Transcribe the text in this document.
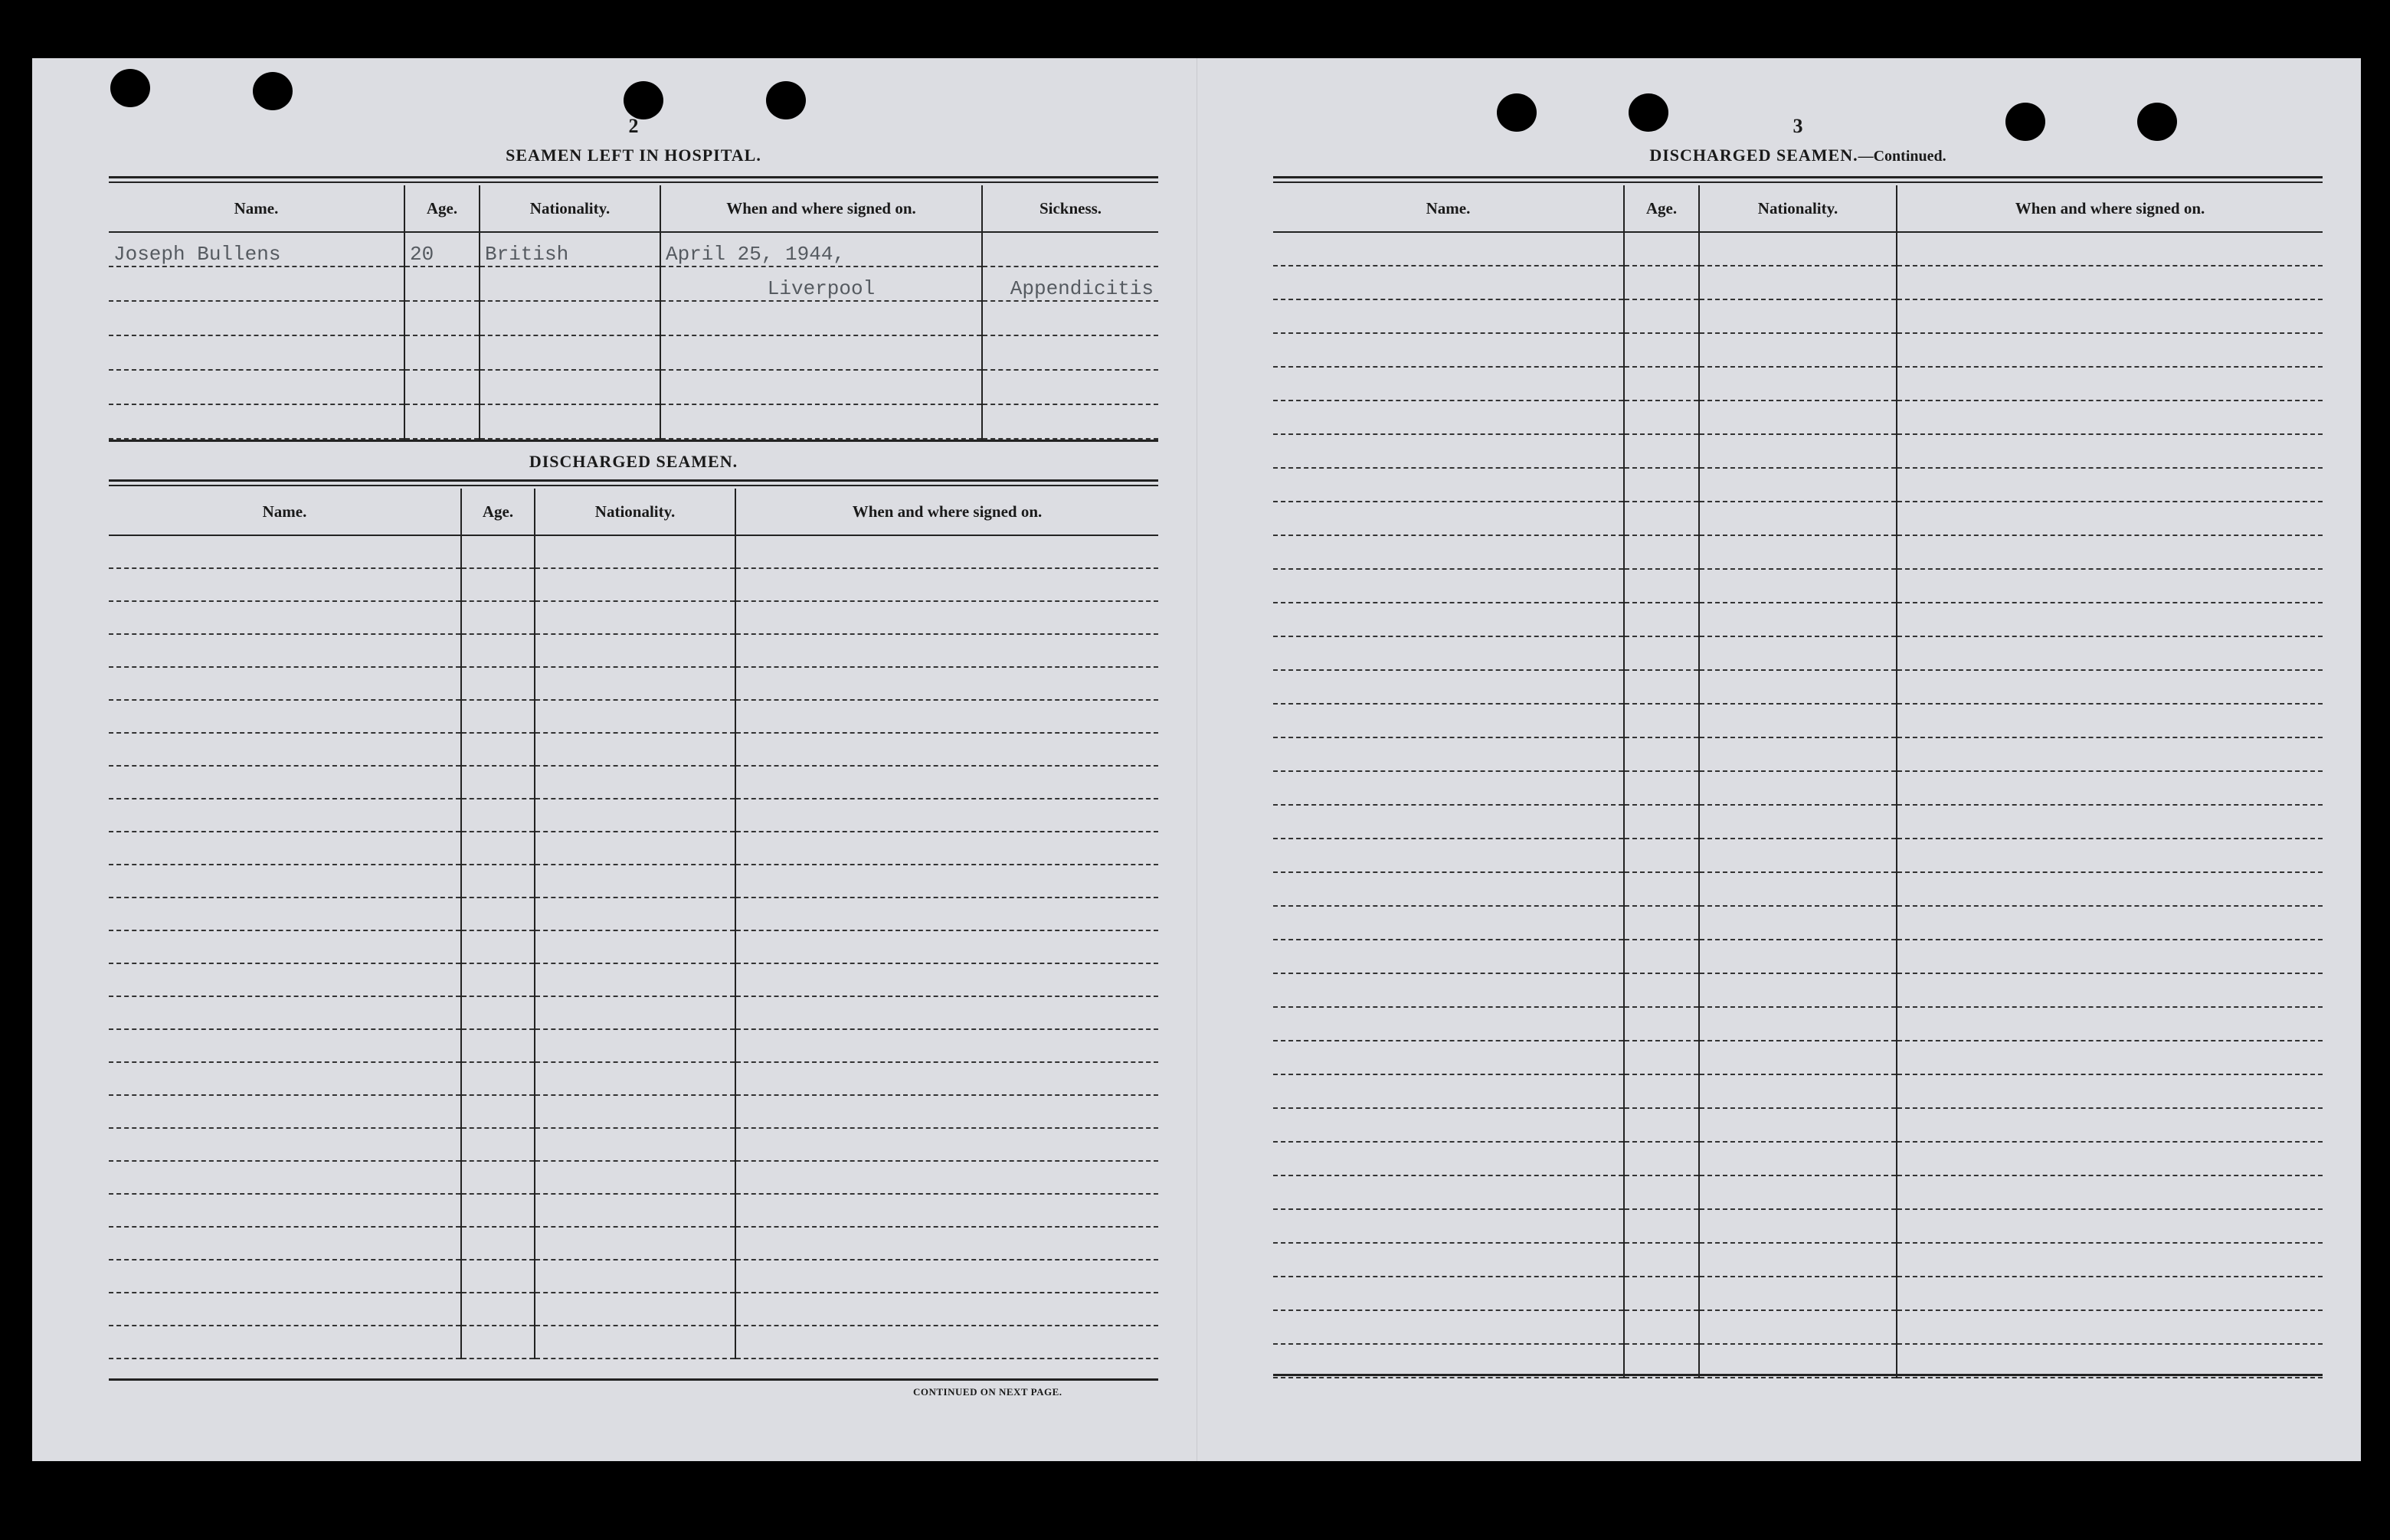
2
SEAMEN LEFT IN HOSPITAL.
Name.	Age.	Nationality.	When and where signed on.	Sickness.
Joseph Bullens	20	British	April 25, 1944,	
			Liverpool	Appendicitis

DISCHARGED SEAMEN.
Name.	Age.	Nationality.	When and where signed on.

CONTINUED ON NEXT PAGE.
3
DISCHARGED SEAMEN.—Continued.
Name.	Age.	Nationality.	When and where signed on.
